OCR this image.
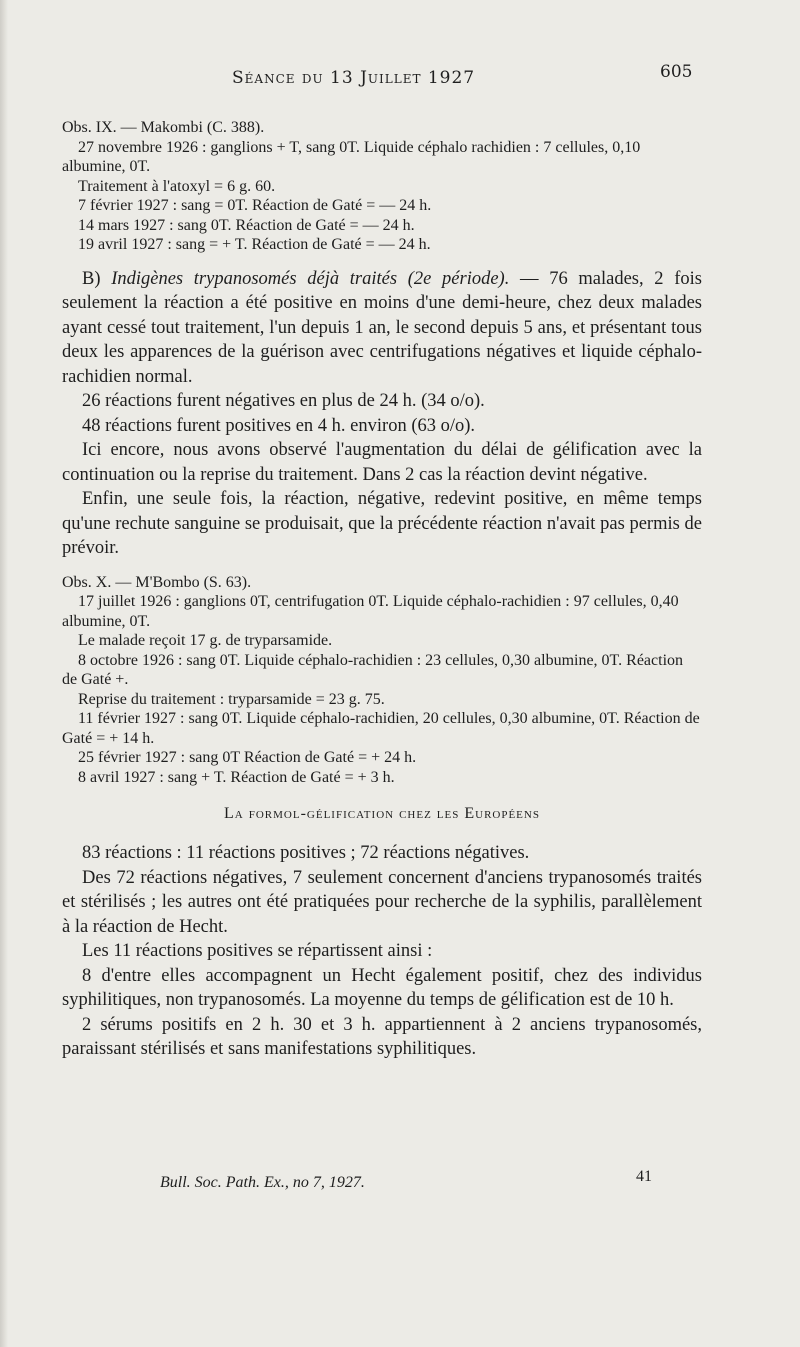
Séance du 13 Juillet 1927	605

Obs. IX. — Makombi (C. 388).

27 novembre 1926 : ganglions + T, sang 0T. Liquide céphalo rachidien : 7 cellules, 0,10 albumine, 0T.

Traitement à l'atoxyl = 6 g. 60.

7 février 1927 : sang = 0T. Réaction de Gaté = — 24 h.

14 mars 1927 : sang 0T. Réaction de Gaté = — 24 h.

19 avril 1927 : sang = + T. Réaction de Gaté = — 24 h.

B) Indigènes trypanosomés déjà traités (2e période). — 76 malades, 2 fois seulement la réaction a été positive en moins d'une demi-heure, chez deux malades ayant cessé tout traitement, l'un depuis 1 an, le second depuis 5 ans, et présentant tous deux les apparences de la guérison avec centrifugations négatives et liquide céphalo-rachidien normal.

26 réactions furent négatives en plus de 24 h. (34 o/o).

48 réactions furent positives en 4 h. environ (63 o/o).

Ici encore, nous avons observé l'augmentation du délai de gélification avec la continuation ou la reprise du traitement. Dans 2 cas la réaction devint négative.

Enfin, une seule fois, la réaction, négative, redevint positive, en même temps qu'une rechute sanguine se produisait, que la précédente réaction n'avait pas permis de prévoir.

Obs. X. — M'Bombo (S. 63).

17 juillet 1926 : ganglions 0T, centrifugation 0T. Liquide céphalo-rachidien : 97 cellules, 0,40 albumine, 0T.

Le malade reçoit 17 g. de tryparsamide.

8 octobre 1926 : sang 0T. Liquide céphalo-rachidien : 23 cellules, 0,30 albumine, 0T. Réaction de Gaté +.

Reprise du traitement : tryparsamide = 23 g. 75.

11 février 1927 : sang 0T. Liquide céphalo-rachidien, 20 cellules, 0,30 albumine, 0T. Réaction de Gaté = + 14 h.

25 février 1927 : sang 0T Réaction de Gaté = + 24 h.

8 avril 1927 : sang + T. Réaction de Gaté = + 3 h.

La formol-gélification chez les Européens

83 réactions : 11 réactions positives ; 72 réactions négatives.

Des 72 réactions négatives, 7 seulement concernent d'anciens trypanosomés traités et stérilisés ; les autres ont été pratiquées pour recherche de la syphilis, parallèlement à la réaction de Hecht.

Les 11 réactions positives se répartissent ainsi :

8 d'entre elles accompagnent un Hecht également positif, chez des individus syphilitiques, non trypanosomés. La moyenne du temps de gélification est de 10 h.

2 sérums positifs en 2 h. 30 et 3 h. appartiennent à 2 anciens trypanosomés, paraissant stérilisés et sans manifestations syphilitiques.

Bull. Soc. Path. Ex., no 7, 1927.	41
